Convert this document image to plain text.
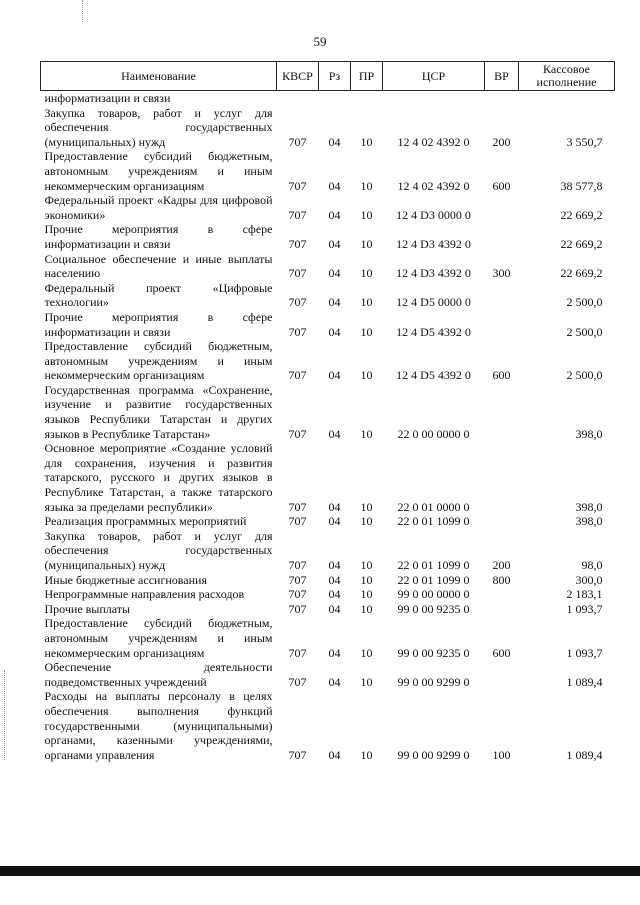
59
Наименование	КВСР	Рз	ПР	ЦСР	ВР	Кассовое
исполнение
информатизации и связи						
Закупка товаров, работ и услуг для обеспечения государственных (муниципальных) нужд	707	04	10	12 4 02 4392 0	200	3 550,7
Предоставление субсидий бюджетным, автономным учреждениям и иным некоммерческим организациям	707	04	10	12 4 02 4392 0	600	38 577,8
Федеральный проект «Кадры для цифровой экономики»	707	04	10	12 4 D3 0000 0		22 669,2
Прочие мероприятия в сфере информатизации и связи	707	04	10	12 4 D3 4392 0		22 669,2
Социальное обеспечение и иные выплаты населению	707	04	10	12 4 D3 4392 0	300	22 669,2
Федеральный проект «Цифровые технологии»	707	04	10	12 4 D5 0000 0		2 500,0
Прочие мероприятия в сфере информатизации и связи	707	04	10	12 4 D5 4392 0		2 500,0
Предоставление субсидий бюджетным, автономным учреждениям и иным некоммерческим организациям	707	04	10	12 4 D5 4392 0	600	2 500,0
Государственная программа «Сохранение, изучение и развитие государственных языков Республики Татарстан и других языков в Республике Татарстан»	707	04	10	22 0 00 0000 0		398,0
Основное мероприятие «Создание условий для сохранения, изучения и развития татарского, русского и других языков в Республике Татарстан, а также татарского языка за пределами республики»	707	04	10	22 0 01 0000 0		398,0
Реализация программных мероприятий	707	04	10	22 0 01 1099 0		398,0
Закупка товаров, работ и услуг для обеспечения государственных (муниципальных) нужд	707	04	10	22 0 01 1099 0	200	98,0
Иные бюджетные ассигнования	707	04	10	22 0 01 1099 0	800	300,0
Непрограммные направления расходов	707	04	10	99 0 00 0000 0		2 183,1
Прочие выплаты	707	04	10	99 0 00 9235 0		1 093,7
Предоставление субсидий бюджетным, автономным учреждениям и иным некоммерческим организациям	707	04	10	99 0 00 9235 0	600	1 093,7
Обеспечение деятельности подведомственных учреждений	707	04	10	99 0 00 9299 0		1 089,4
Расходы на выплаты персоналу в целях обеспечения выполнения функций государственными (муниципальными) органами, казенными учреждениями, органами управления	707	04	10	99 0 00 9299 0	100	1 089,4
